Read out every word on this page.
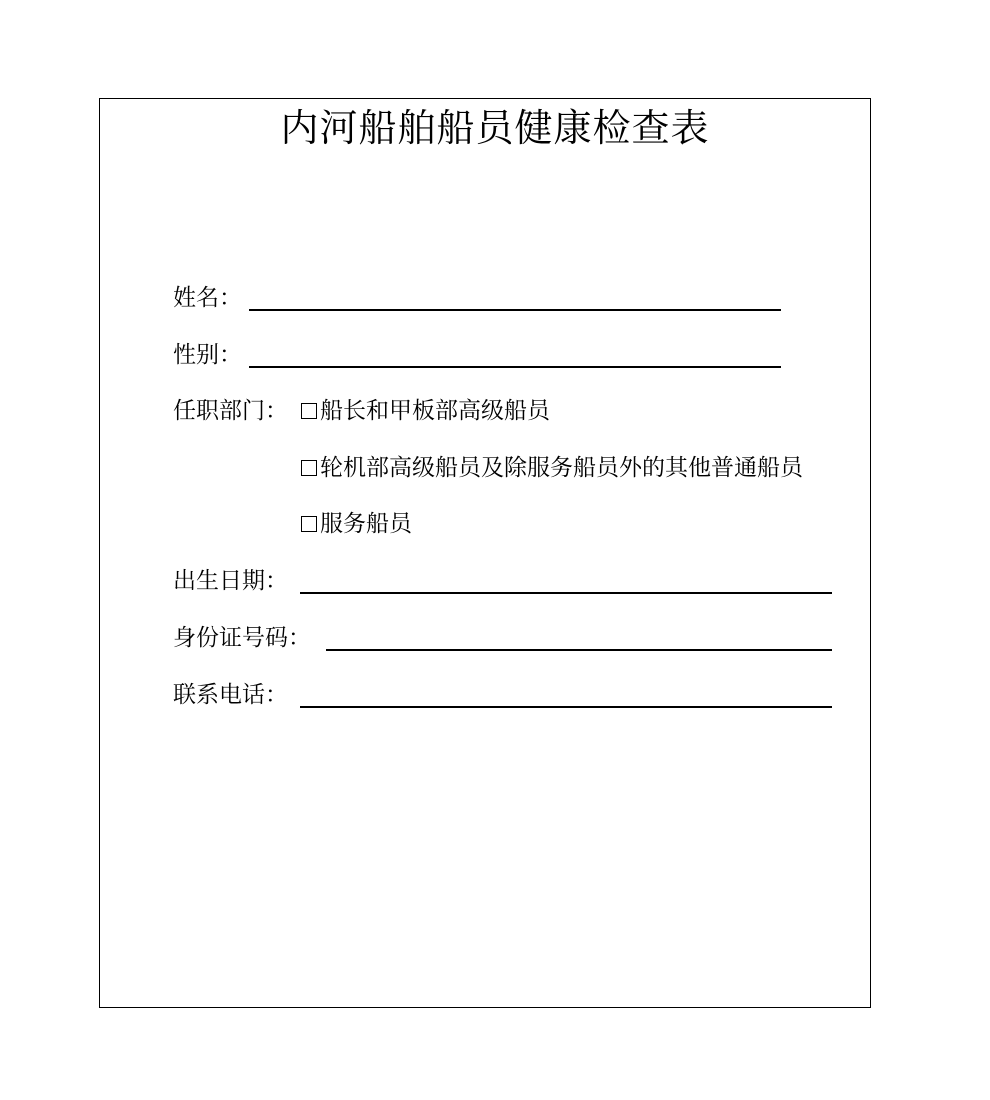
内河船舶船员健康检查表
姓名：
性别：
任职部门：	船长和甲板部高级船员
轮机部高级船员及除服务船员外的其他普通船员
服务船员
出生日期：
身份证号码：
联系电话：
